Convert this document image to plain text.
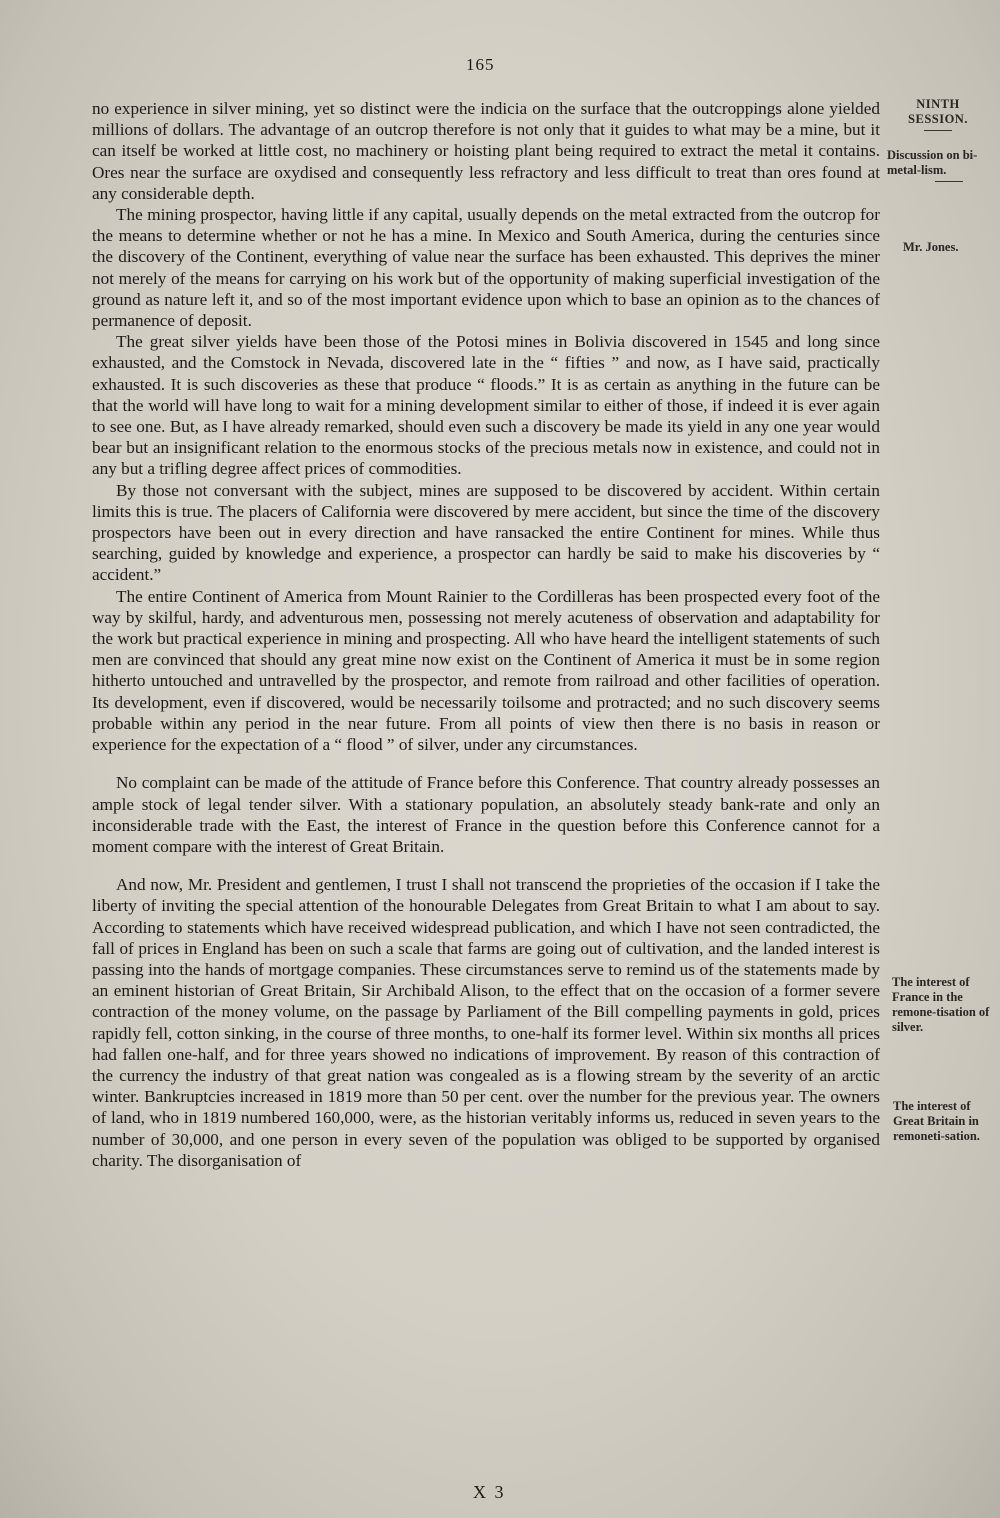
165
NINTH SESSION.
Discussion on bi-metal-lism.
Mr. Jones.
The interest of France in the remone-tisation of silver.
The interest of Great Britain in remoneti-sation.

no experience in silver mining, yet so distinct were the indicia on the surface that the outcroppings alone yielded millions of dollars. The advantage of an outcrop therefore is not only that it guides to what may be a mine, but it can itself be worked at little cost, no machinery or hoisting plant being required to extract the metal it contains. Ores near the surface are oxydised and consequently less refractory and less difficult to treat than ores found at any considerable depth.

The mining prospector, having little if any capital, usually depends on the metal extracted from the outcrop for the means to determine whether or not he has a mine. In Mexico and South America, during the centuries since the discovery of the Continent, everything of value near the surface has been exhausted. This deprives the miner not merely of the means for carrying on his work but of the opportunity of making superficial investigation of the ground as nature left it, and so of the most important evidence upon which to base an opinion as to the chances of permanence of deposit.

The great silver yields have been those of the Potosi mines in Bolivia discovered in 1545 and long since exhausted, and the Comstock in Nevada, discovered late in the “ fifties ” and now, as I have said, practically exhausted. It is such discoveries as these that produce “ floods.” It is as certain as anything in the future can be that the world will have long to wait for a mining development similar to either of those, if indeed it is ever again to see one. But, as I have already remarked, should even such a discovery be made its yield in any one year would bear but an insignificant relation to the enormous stocks of the precious metals now in existence, and could not in any but a trifling degree affect prices of commodities.

By those not conversant with the subject, mines are supposed to be discovered by accident. Within certain limits this is true. The placers of California were discovered by mere accident, but since the time of the discovery prospectors have been out in every direction and have ransacked the entire Continent for mines. While thus searching, guided by knowledge and experience, a prospector can hardly be said to make his discoveries by “ accident.”

The entire Continent of America from Mount Rainier to the Cordilleras has been prospected every foot of the way by skilful, hardy, and adventurous men, possessing not merely acuteness of observation and adaptability for the work but practical experience in mining and prospecting. All who have heard the intelligent statements of such men are convinced that should any great mine now exist on the Continent of America it must be in some region hitherto untouched and untravelled by the prospector, and remote from railroad and other facilities of operation. Its development, even if discovered, would be necessarily toilsome and protracted; and no such discovery seems probable within any period in the near future. From all points of view then there is no basis in reason or experience for the expectation of a “ flood ” of silver, under any circumstances.

No complaint can be made of the attitude of France before this Conference. That country already possesses an ample stock of legal tender silver. With a stationary population, an absolutely steady bank-rate and only an inconsiderable trade with the East, the interest of France in the question before this Conference cannot for a moment compare with the interest of Great Britain.

And now, Mr. President and gentlemen, I trust I shall not transcend the proprieties of the occasion if I take the liberty of inviting the special attention of the honourable Delegates from Great Britain to what I am about to say. According to statements which have received widespread publication, and which I have not seen contradicted, the fall of prices in England has been on such a scale that farms are going out of cultivation, and the landed interest is passing into the hands of mortgage companies. These circumstances serve to remind us of the statements made by an eminent historian of Great Britain, Sir Archibald Alison, to the effect that on the occasion of a former severe contraction of the money volume, on the passage by Parliament of the Bill compelling payments in gold, prices rapidly fell, cotton sinking, in the course of three months, to one-half its former level. Within six months all prices had fallen one-half, and for three years showed no indications of improvement. By reason of this contraction of the currency the industry of that great nation was congealed as is a flowing stream by the severity of an arctic winter. Bankruptcies increased in 1819 more than 50 per cent. over the number for the previous year. The owners of land, who in 1819 numbered 160,000, were, as the historian veritably informs us, reduced in seven years to the number of 30,000, and one person in every seven of the population was obliged to be supported by organised charity. The disorganisation of

X 3
